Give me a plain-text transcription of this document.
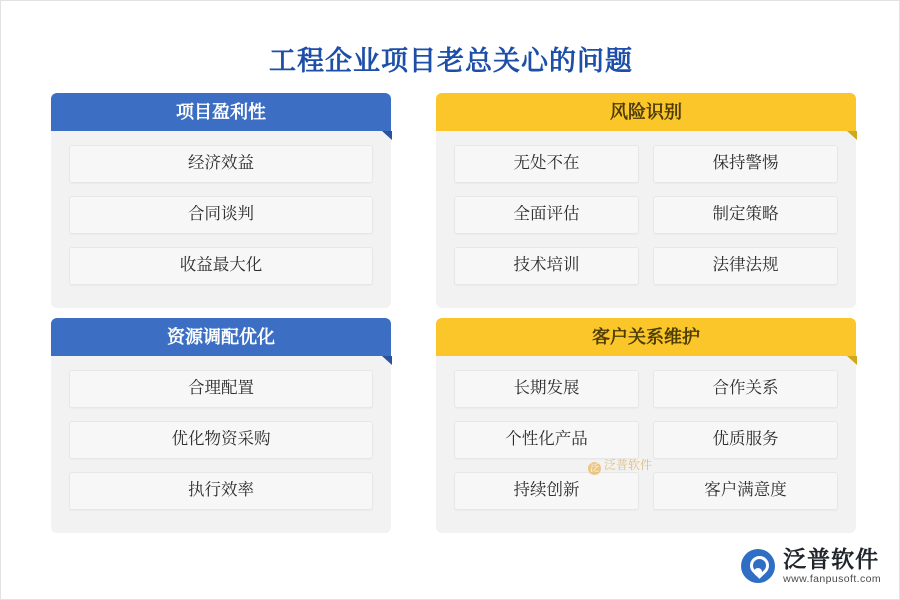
工程企业项目老总关心的问题
项目盈利性
经济效益
合同谈判
收益最大化
风险识别
无处不在	保持警惕
全面评估	制定策略
技术培训	法律法规
资源调配优化
合理配置
优化物资采购
执行效率
客户关系维护
长期发展	合作关系
个性化产品	优质服务
持续创新	客户满意度
泛 泛普软件
泛普软件
www.fanpusoft.com
